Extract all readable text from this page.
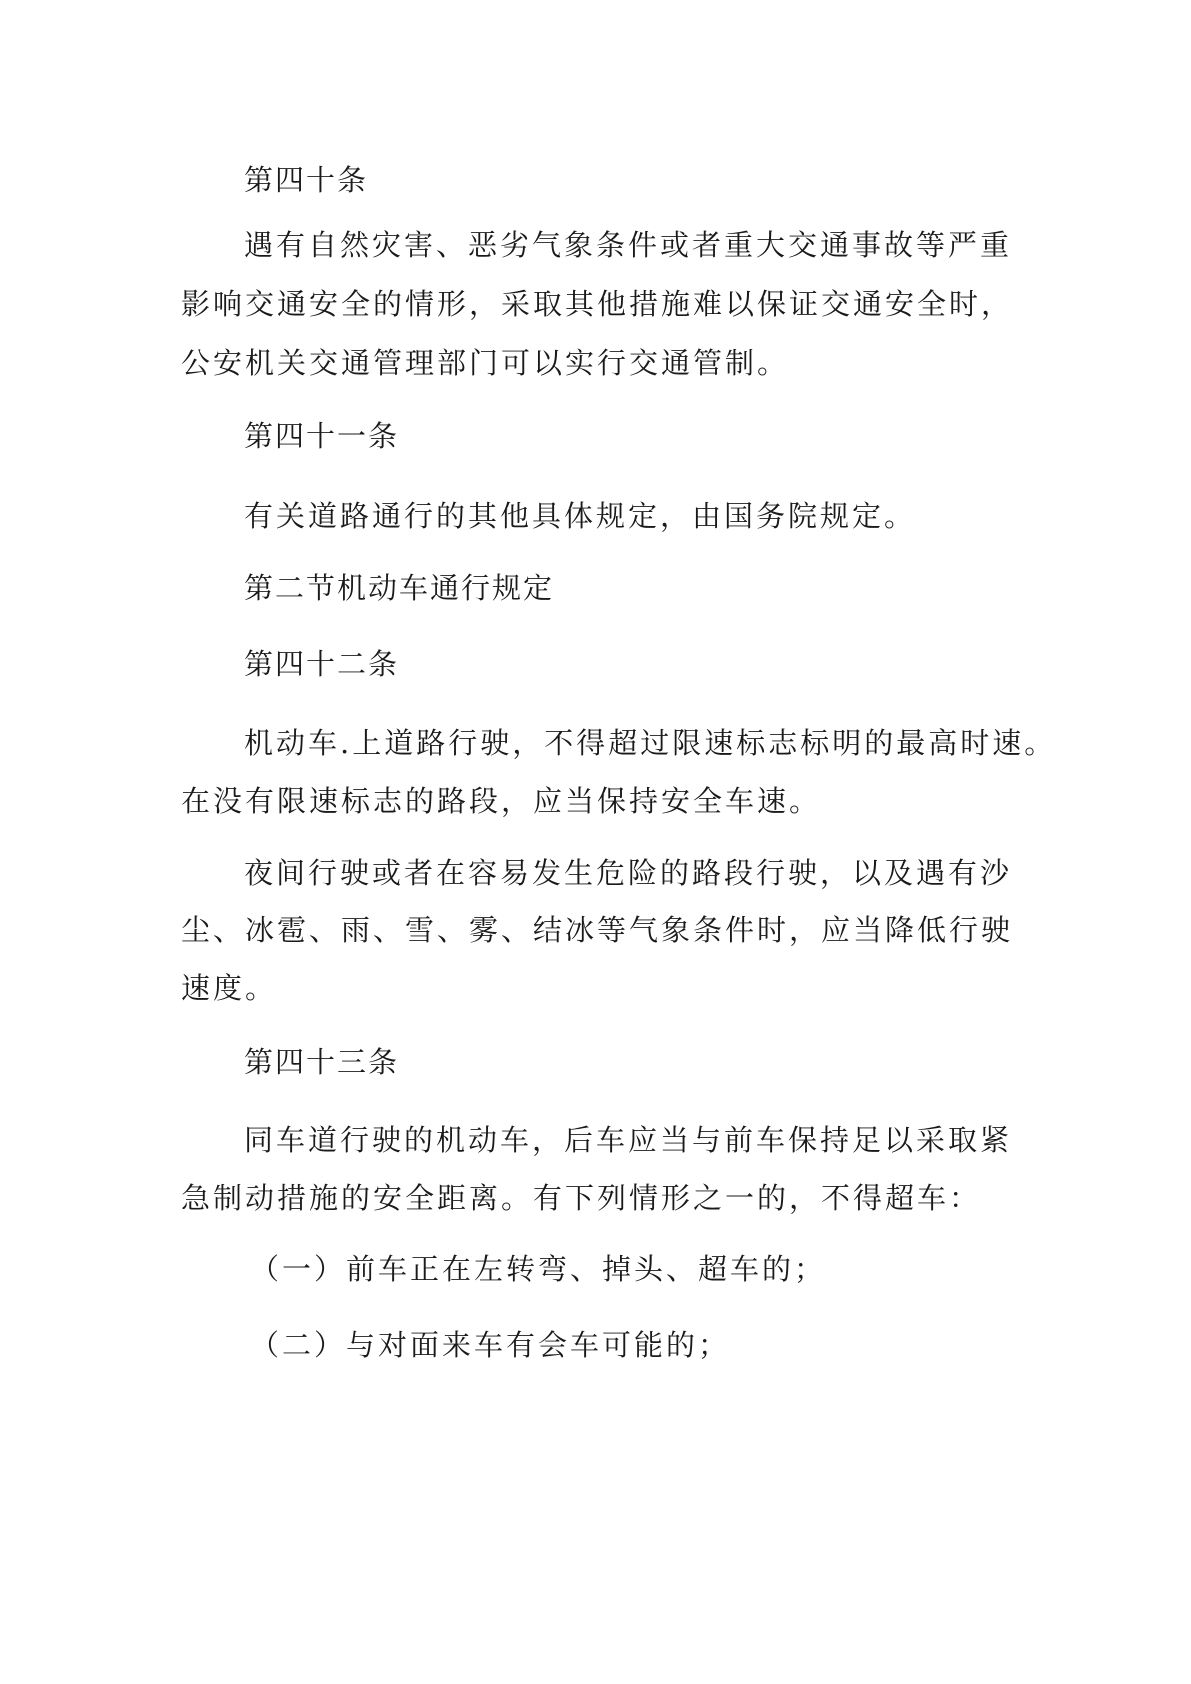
第四十条

遇有自然灾害、恶劣气象条件或者重大交通事故等严重

影响交通安全的情形，采取其他措施难以保证交通安全时，

公安机关交通管理部门可以实行交通管制。

第四十一条

有关道路通行的其他具体规定，由国务院规定。

第二节机动车通行规定

第四十二条

机动车.上道路行驶，不得超过限速标志标明的最高时速。

在没有限速标志的路段，应当保持安全车速。

夜间行驶或者在容易发生危险的路段行驶，以及遇有沙

尘、冰雹、雨、雪、雾、结冰等气象条件时，应当降低行驶

速度。

第四十三条

同车道行驶的机动车，后车应当与前车保持足以采取紧

急制动措施的安全距离。有下列情形之一的，不得超车：

（一）前车正在左转弯、掉头、超车的；

（二）与对面来车有会车可能的；
